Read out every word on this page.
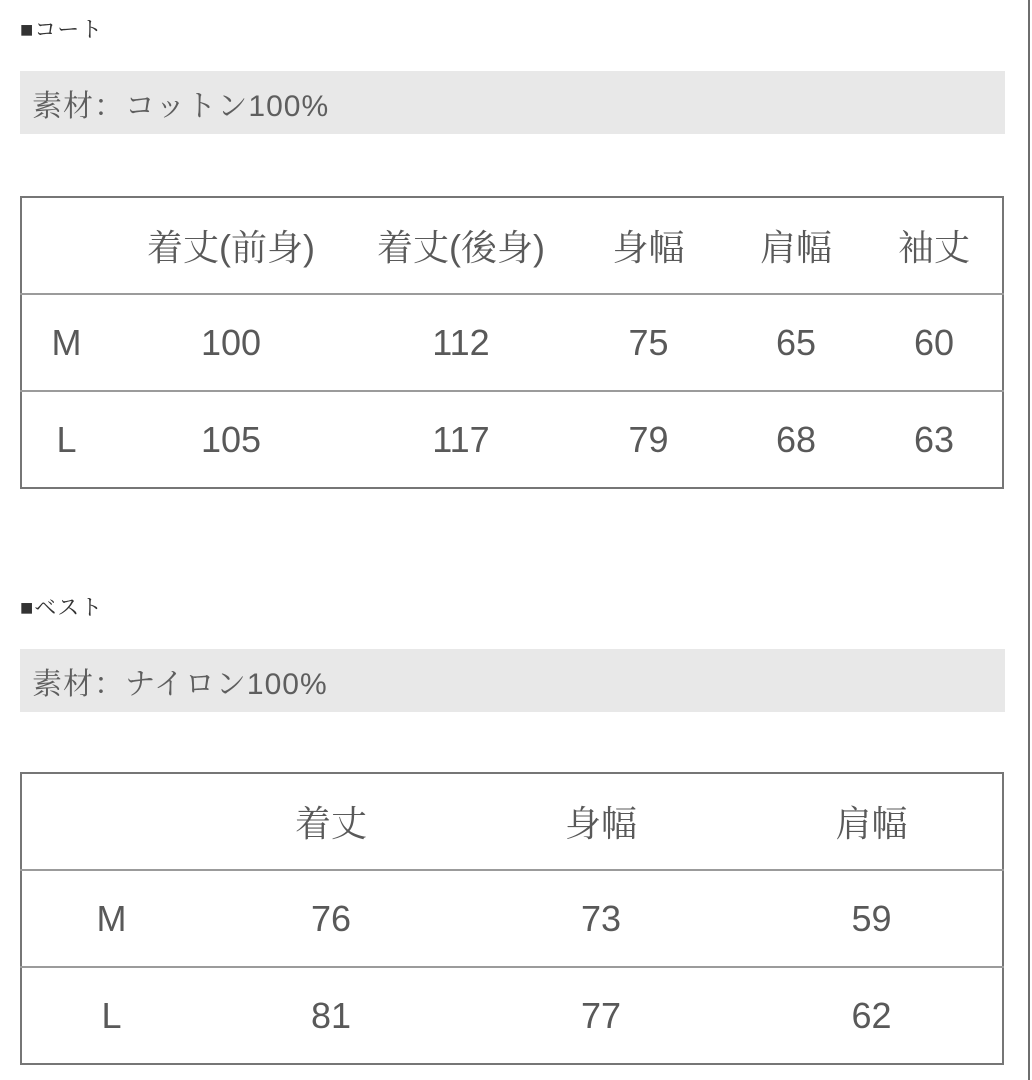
■コート
素材：コットン100%
	着丈(前身)	着丈(後身)	身幅	肩幅	袖丈
M	100	112	75	65	60
L	105	117	79	68	63
■ベスト
素材：ナイロン100%
	着丈	身幅	肩幅
M	76	73	59
L	81	77	62
